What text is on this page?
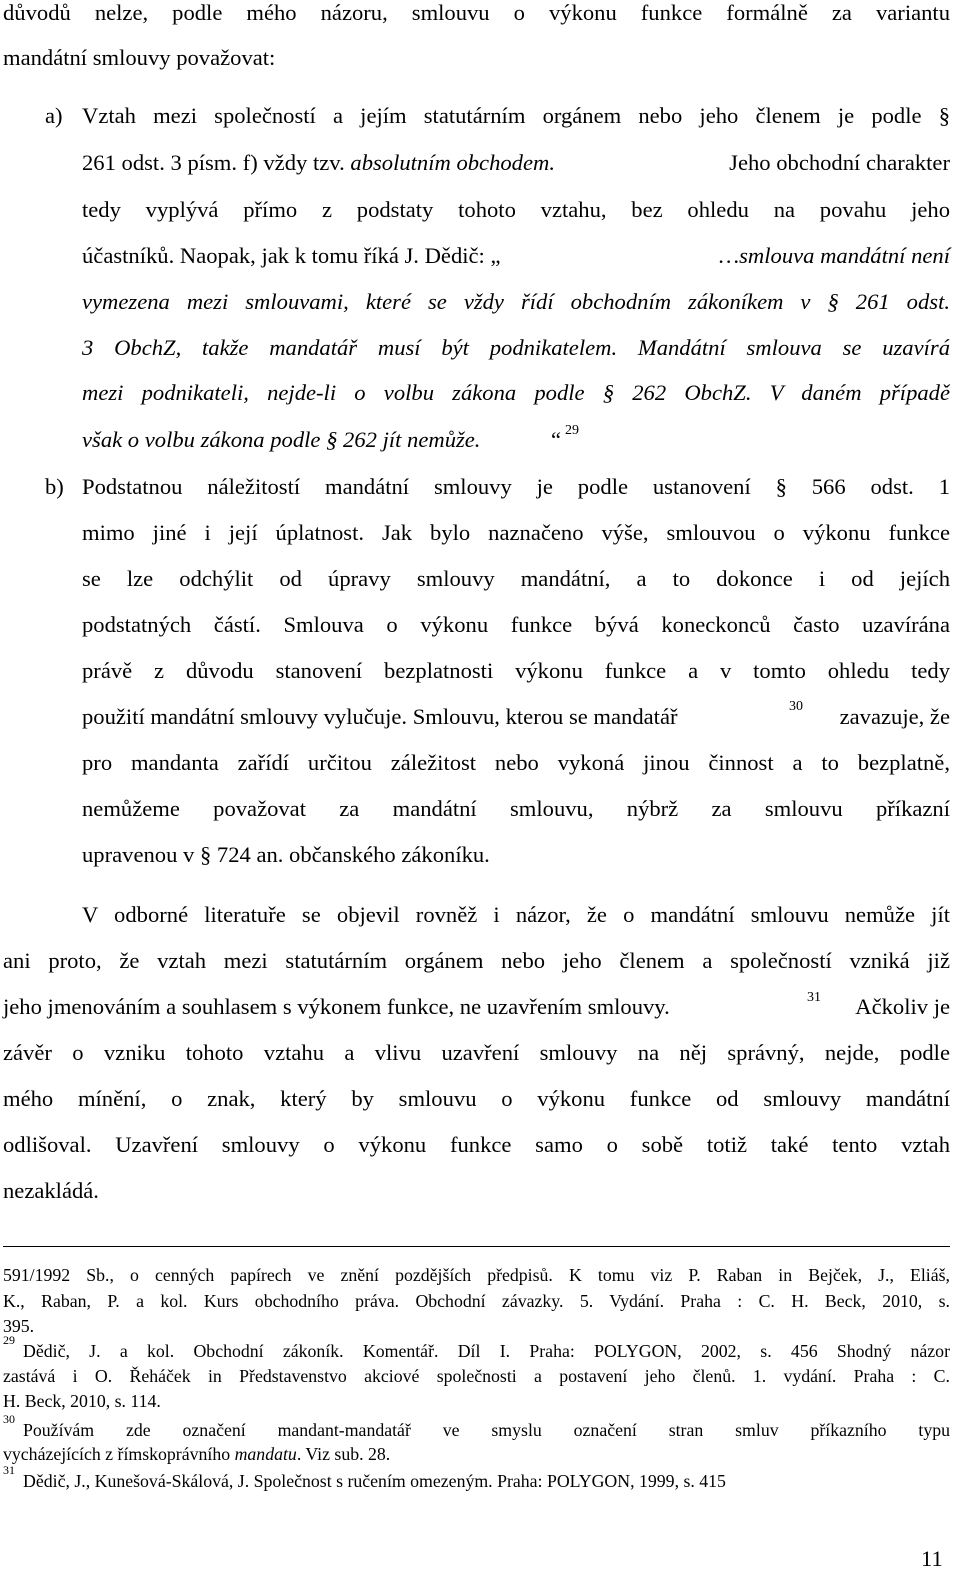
důvodů nelze, podle mého názoru, smlouvu o výkonu funkce formálně za variantu
mandátní smlouvy považovat:
a) Vztah mezi společností a jejím statutárním orgánem nebo jeho členem je podle §
261 odst. 3 písm. f) vždy tzv. absolutním obchodem.	Jeho obchodní charakter
tedy vyplývá přímo z podstaty tohoto vztahu, bez ohledu na povahu jeho
účastníků. Naopak, jak k tomu říká J. Dědič: „	…smlouva mandátní není
vymezena mezi smlouvami, které se vždy řídí obchodním zákoníkem v § 261 odst.
3 ObchZ, takže mandatář musí být podnikatelem. Mandátní smlouva se uzavírá
mezi podnikateli, nejde-li o volbu zákona podle § 262 ObchZ. V daném případě
však o volbu zákona podle § 262 jít nemůže.	“ 29
b) Podstatnou náležitostí mandátní smlouvy je podle ustanovení § 566 odst. 1
mimo jiné i její úplatnost. Jak bylo naznačeno výše, smlouvou o výkonu funkce
se lze odchýlit od úpravy smlouvy mandátní, a to dokonce i od jejích
podstatných částí. Smlouva o výkonu funkce bývá koneckonců často uzavírána
právě z důvodu stanovení bezplatnosti výkonu funkce a v tomto ohledu tedy
použití mandátní smlouvy vylučuje. Smlouvu, kterou se mandatář	30 zavazuje, že
pro mandanta zařídí určitou záležitost nebo vykoná jinou činnost a to bezplatně,
nemůžeme považovat za mandátní smlouvu, nýbrž za smlouvu příkazní
upravenou v § 724 an. občanského zákoníku.
V odborné literatuře se objevil rovněž i názor, že o mandátní smlouvu nemůže jít
ani proto, že vztah mezi statutárním orgánem nebo jeho členem a společností vzniká již
jeho jmenováním a souhlasem s výkonem funkce, ne uzavřením smlouvy.	31 Ačkoliv je
závěr o vzniku tohoto vztahu a vlivu uzavření smlouvy na něj správný, nejde, podle
mého mínění, o znak, který by smlouvu o výkonu funkce od smlouvy mandátní
odlišoval. Uzavření smlouvy o výkonu funkce samo o sobě totiž také tento vztah
nezakládá.
591/1992 Sb., o cenných papírech ve znění pozdějších předpisů. K tomu viz P. Raban in Bejček, J., Eliáš,
K., Raban, P. a kol. Kurs obchodního práva. Obchodní závazky. 5. Vydání. Praha : C. H. Beck, 2010, s.
395.
29
Dědič, J. a kol. Obchodní zákoník. Komentář. Díl I. Praha: POLYGON, 2002, s. 456 Shodný názor
zastává i O. Řeháček in Představenstvo akciové společnosti a postavení jeho členů. 1. vydání. Praha : C.
H. Beck, 2010, s. 114.
30
Používám zde označení mandant-mandatář ve smyslu označení stran smluv příkazního typu
vycházejících z římskoprávního mandatu. Viz sub. 28.
31
Dědič, J., Kunešová-Skálová, J. Společnost s ručením omezeným. Praha: POLYGON, 1999, s. 415
11
